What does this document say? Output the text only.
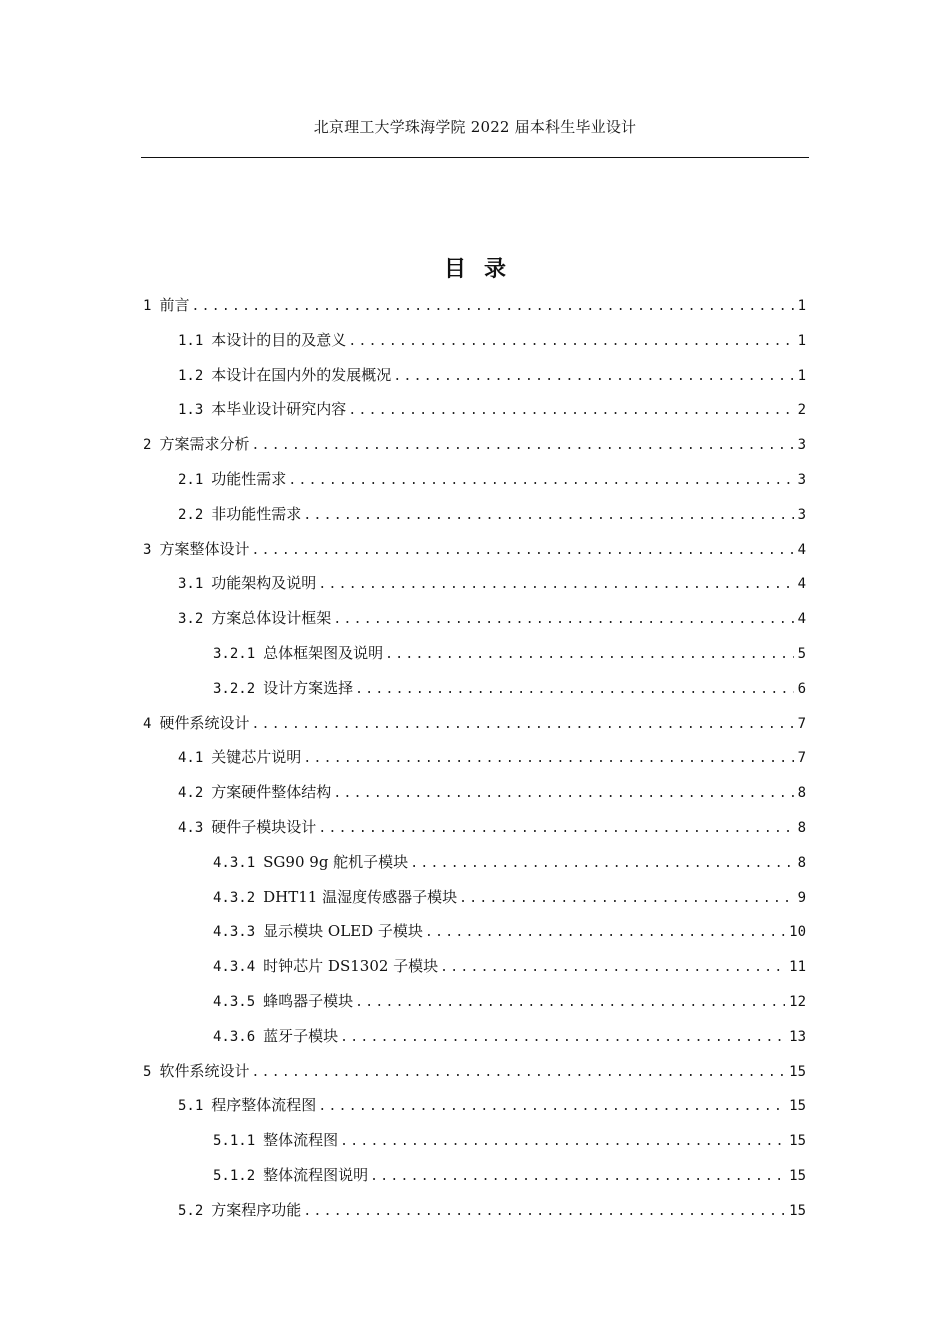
北京理工大学珠海学院 2022 届本科生毕业设计
目录
1 前言 .....	1
1.1 本设计的目的及意义 .....	1
1.2 本设计在国内外的发展概况 .....	1
1.3 本毕业设计研究内容 .....	2
2 方案需求分析 .....	3
2.1 功能性需求 .....	3
2.2 非功能性需求 .....	3
3 方案整体设计 .....	4
3.1 功能架构及说明 .....	4
3.2 方案总体设计框架 .....	4
3.2.1 总体框架图及说明 .....	5
3.2.2 设计方案选择 .....	6
4 硬件系统设计 .....	7
4.1 关键芯片说明 .....	7
4.2 方案硬件整体结构 .....	8
4.3 硬件子模块设计 .....	8
4.3.1 SG90 9g 舵机子模块 .....	8
4.3.2 DHT11 温湿度传感器子模块 .....	9
4.3.3 显示模块 OLED 子模块 .....	10
4.3.4 时钟芯片 DS1302 子模块 .....	11
4.3.5 蜂鸣器子模块 .....	12
4.3.6 蓝牙子模块 .....	13
5 软件系统设计 .....	15
5.1 程序整体流程图 .....	15
5.1.1 整体流程图 .....	15
5.1.2 整体流程图说明 .....	15
5.2 方案程序功能 .....	15
